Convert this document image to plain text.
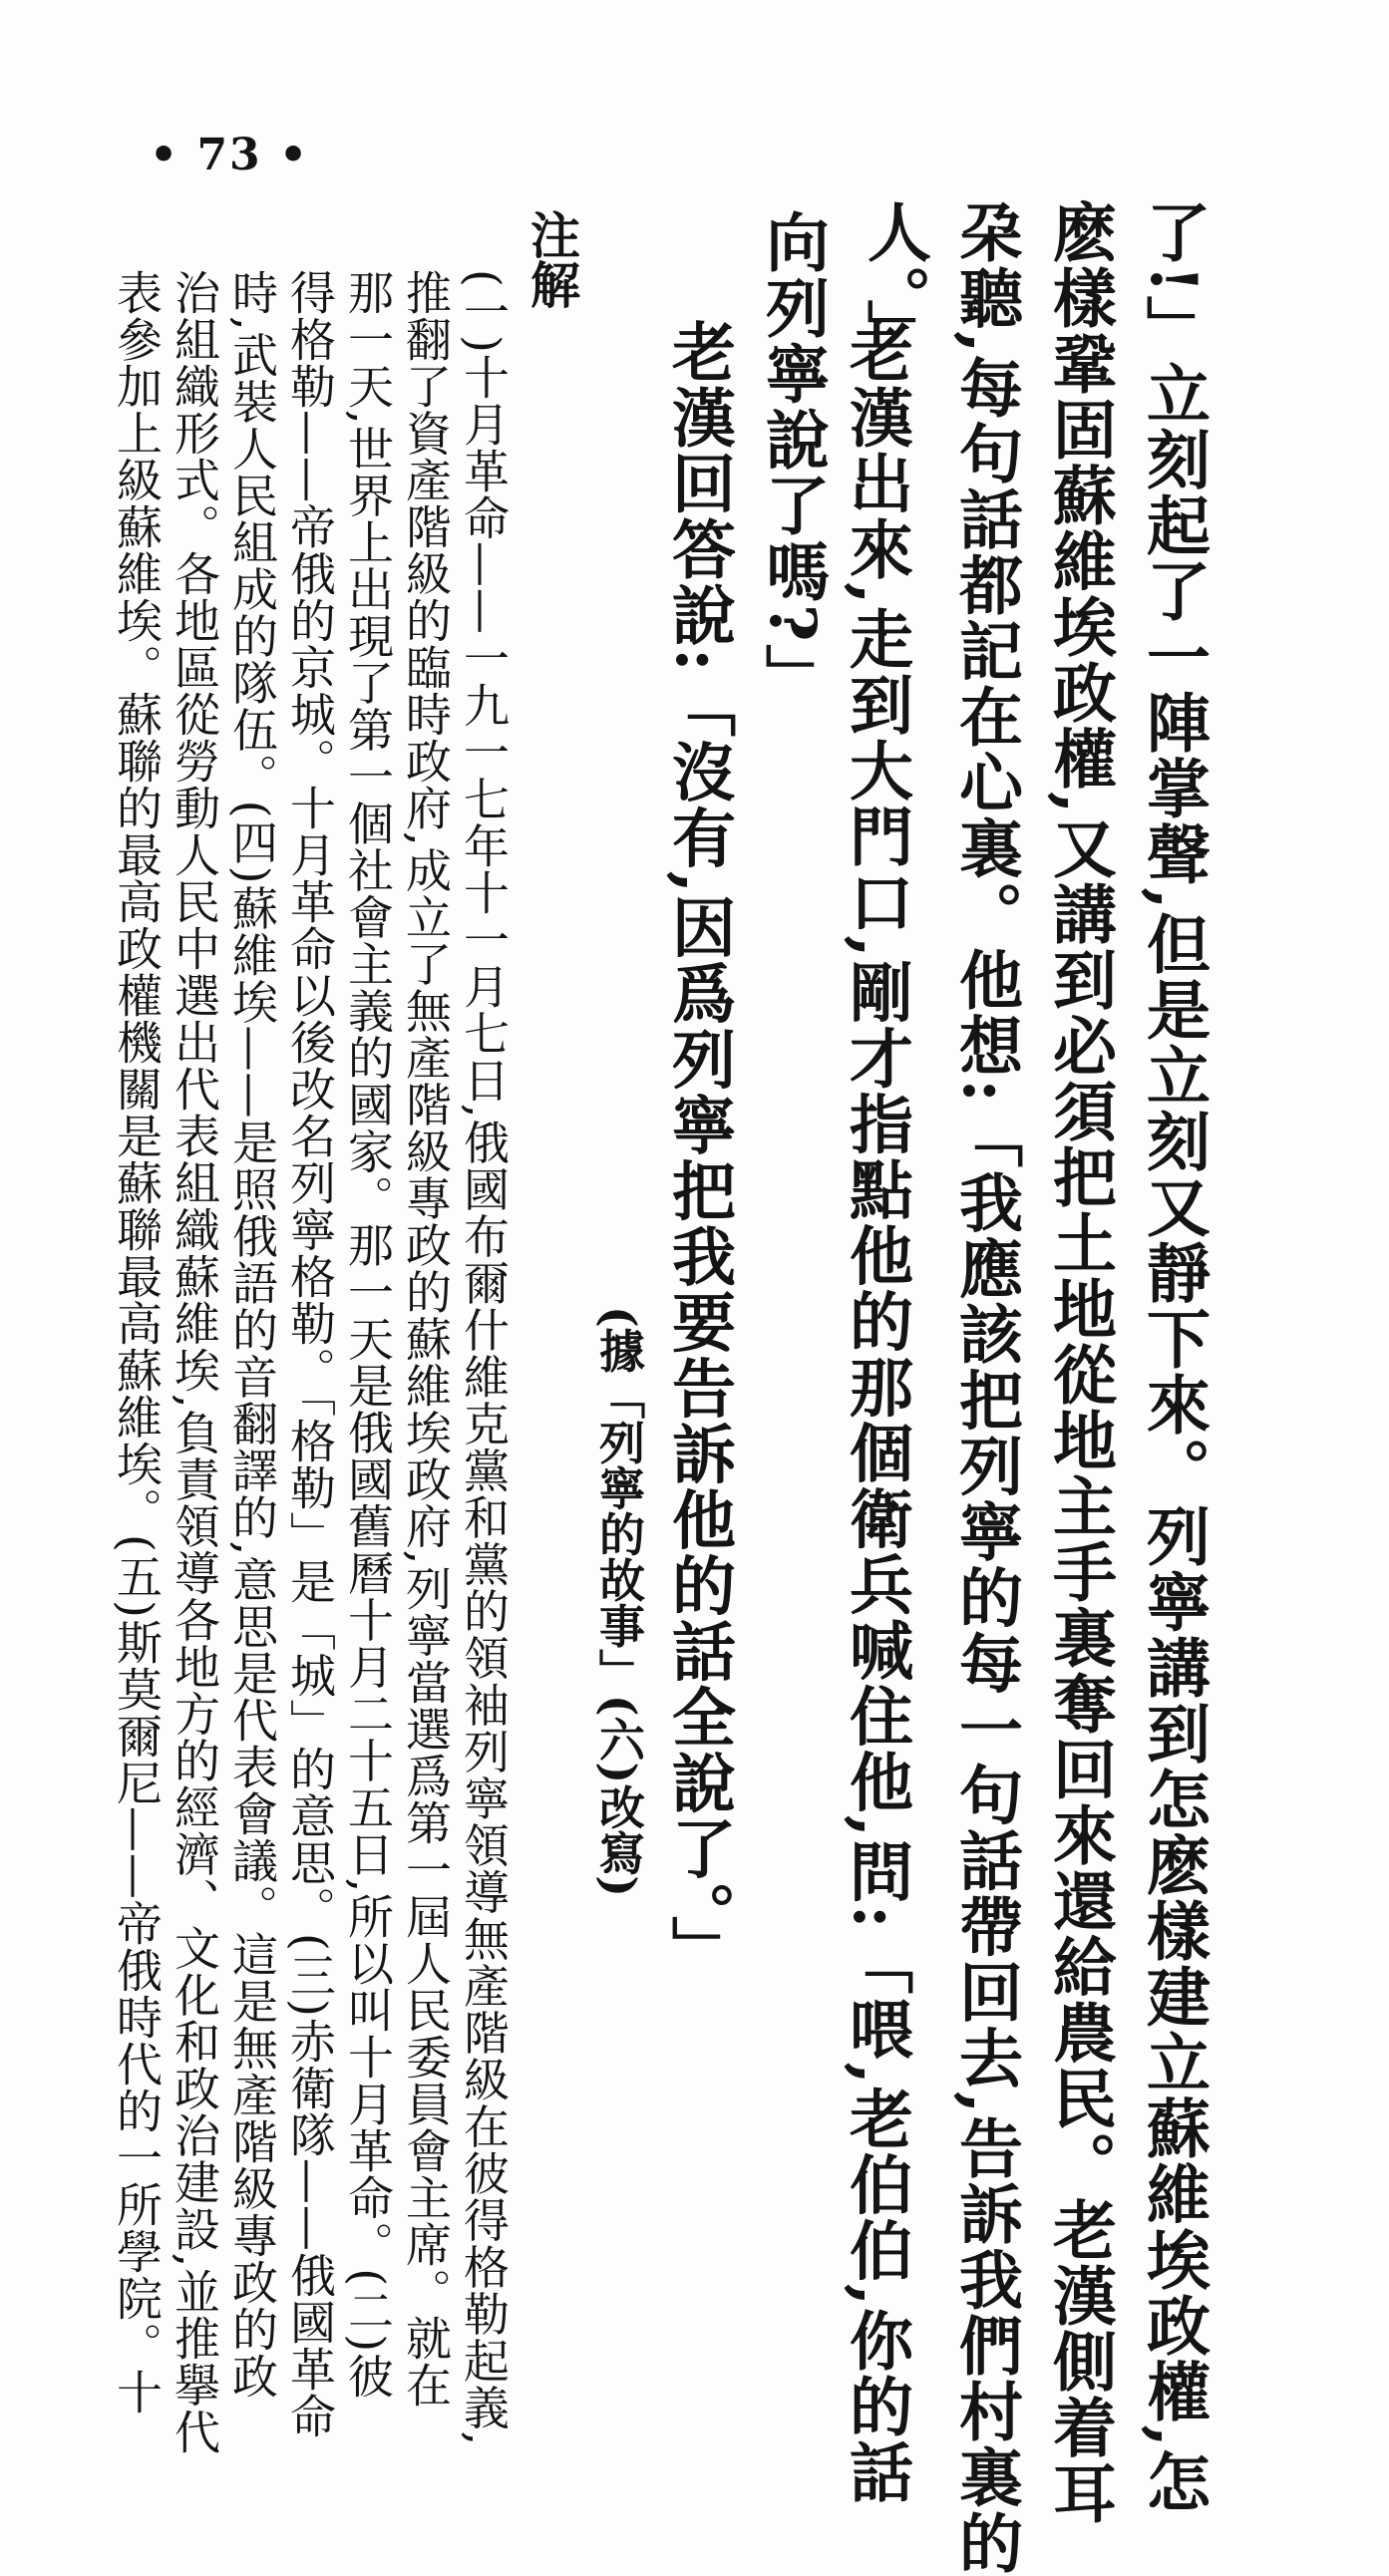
• 73 •
了!」立刻起了一陣掌聲,但是立刻又靜下來。列寧講到怎麽樣建立蘇維埃政權,怎
麽樣鞏固蘇維埃政權,又講到必須把土地從地主手裏奪回來還給農民。老漢側着耳
朶聽,每句話都記在心裏。他想:「我應該把列寧的每一句話帶回去,告訴我們村裏的
人。」
老漢出來,走到大門口,剛才指點他的那個衛兵喊住他,問:「喂,老伯伯,你的話
向列寧說了嗎?」
老漢回答說:「沒有,因爲列寧把我要告訴他的話全說了。」
(據「列寧的故事」(六)改寫)
注解
(一)十月革命——一九一七年十一月七日,俄國布爾什維克黨和黨的領袖列寧領導無產階級在彼得格勒起義,
推翻了資產階級的臨時政府,成立了無產階級專政的蘇維埃政府,列寧當選爲第一屆人民委員會主席。就在
那一天,世界上出現了第一個社會主義的國家。那一天是俄國舊曆十月二十五日,所以叫十月革命。(二)彼
得格勒——帝俄的京城。十月革命以後改名列寧格勒。「格勒」是「城」的意思。(三)赤衛隊——俄國革命
時,武裝人民組成的隊伍。(四)蘇維埃——是照俄語的音翻譯的,意思是代表會議。這是無產階級專政的政
治組織形式。各地區從勞動人民中選出代表組織蘇維埃,負責領導各地方的經濟、文化和政治建設,並推擧代
表參加上級蘇維埃。蘇聯的最高政權機關是蘇聯最高蘇維埃。(五)斯莫爾尼——帝俄時代的一所學院。十
